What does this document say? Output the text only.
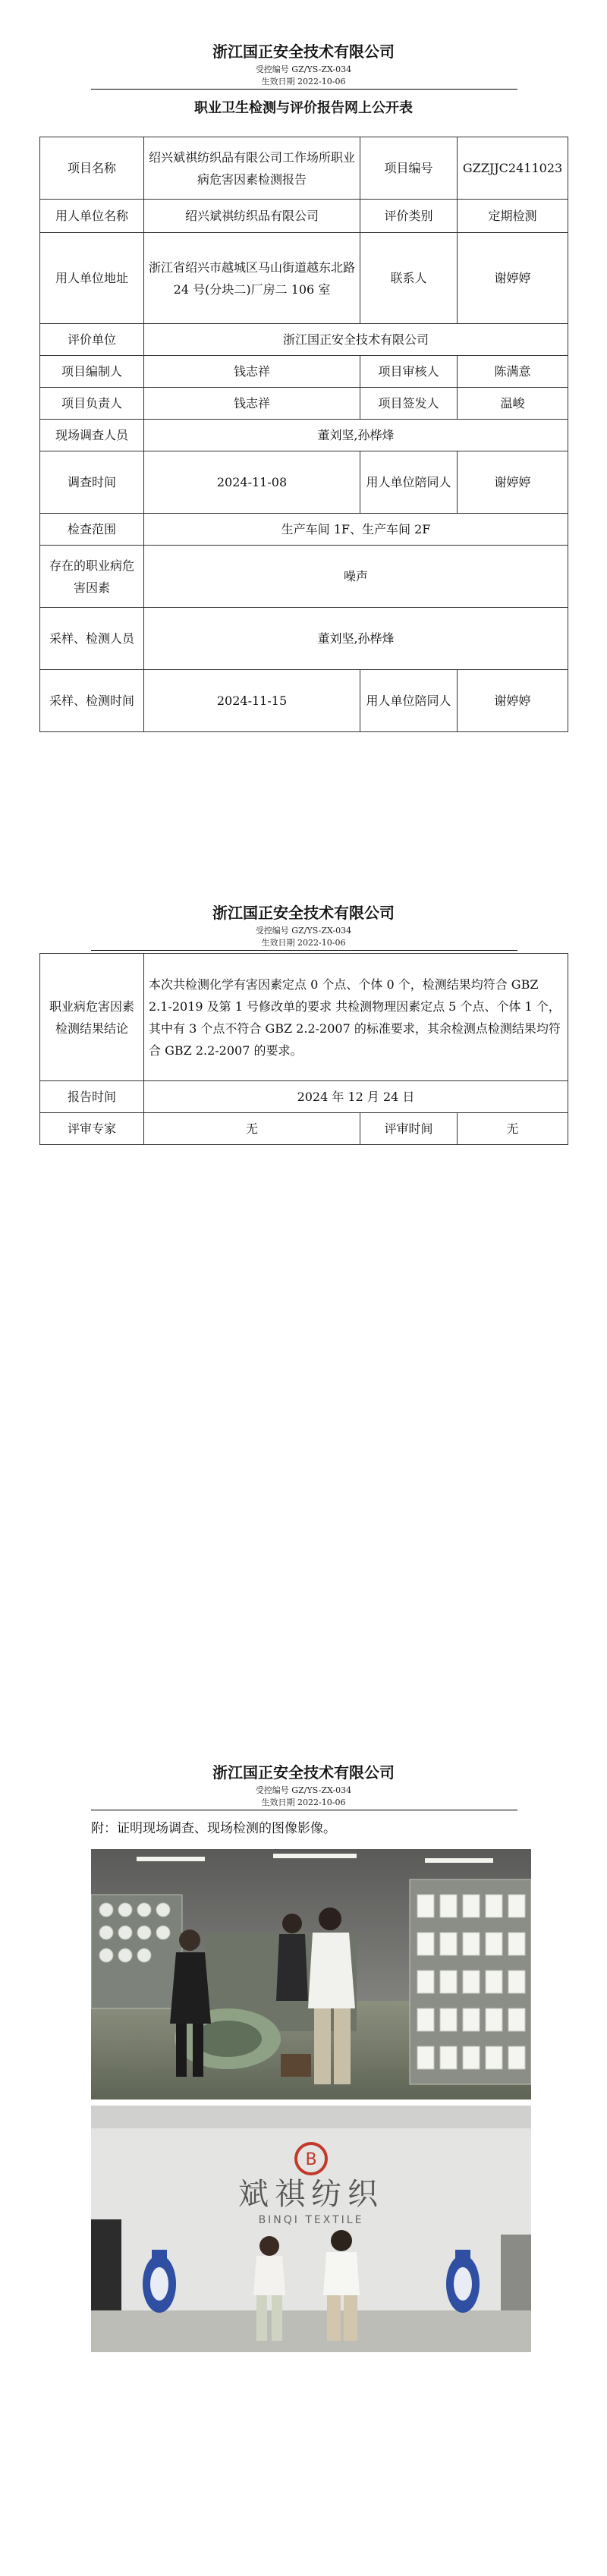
浙江国正安全技术有限公司
受控编号 GZ/YS-ZX-034
生效日期 2022-10-06
职业卫生检测与评价报告网上公开表
项目名称	绍兴斌祺纺织品有限公司工作场所职业病危害因素检测报告	项目编号	GZZJJC2411023
用人单位名称	绍兴斌祺纺织品有限公司	评价类别	定期检测
用人单位地址	浙江省绍兴市越城区马山街道越东北路 24 号(分块二)厂房二 106 室	联系人	谢婷婷
评价单位	浙江国正安全技术有限公司		
项目编制人	钱志祥	项目审核人	陈满意
项目负责人	钱志祥	项目签发人	温峻
现场调查人员	董刘坚,孙桦烽		
调查时间	2024-11-08	用人单位陪同人	谢婷婷
检查范围	生产车间 1F、生产车间 2F		
存在的职业病危害因素	噪声		
采样、检测人员	董刘坚,孙桦烽		
采样、检测时间	2024-11-15	用人单位陪同人	谢婷婷
浙江国正安全技术有限公司
受控编号 GZ/YS-ZX-034
生效日期 2022-10-06
职业病危害因素检测结果结论	本次共检测化学有害因素定点 0 个点、个体 0 个，检测结果均符合 GBZ 2.1-2019 及第 1 号修改单的要求 共检测物理因素定点 5 个点、个体 1 个，其中有 3 个点不符合 GBZ 2.2-2007 的标准要求，其余检测点检测结果均符合 GBZ 2.2-2007 的要求。		
报告时间	2024 年 12 月 24 日		
评审专家	无	评审时间	无
浙江国正安全技术有限公司
受控编号 GZ/YS-ZX-034
生效日期 2022-10-06
附：证明现场调查、现场检测的图像影像。
B
斌祺纺织
BINQI TEXTILE
